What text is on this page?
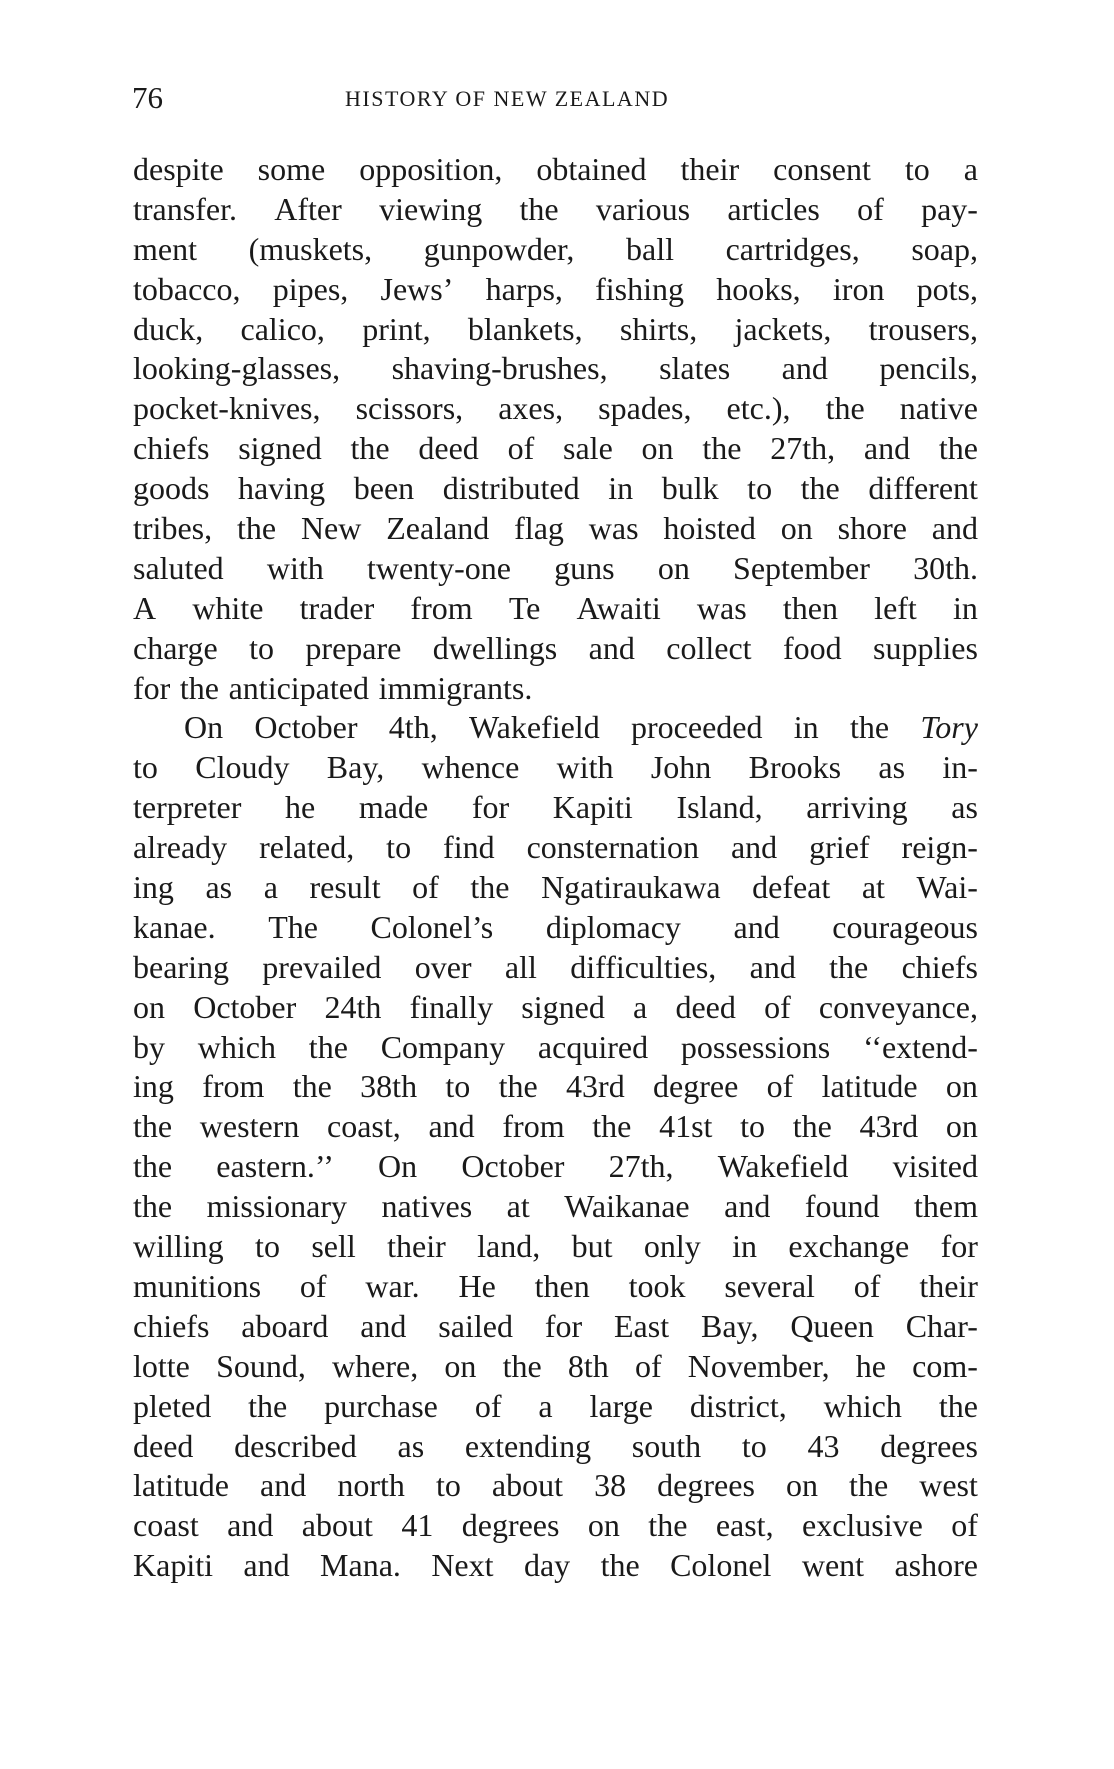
76	HISTORY OF NEW ZEALAND
despite some opposition, obtained their consent to a
transfer. After viewing the various articles of pay-
ment (muskets, gunpowder, ball cartridges, soap,
tobacco, pipes, Jews’ harps, fishing hooks, iron pots,
duck, calico, print, blankets, shirts, jackets, trousers,
looking-glasses, shaving-brushes, slates and pencils,
pocket-knives, scissors, axes, spades, etc.), the native
chiefs signed the deed of sale on the 27th, and the
goods having been distributed in bulk to the different
tribes, the New Zealand flag was hoisted on shore and
saluted with twenty-one guns on September 30th.
A white trader from Te Awaiti was then left in
charge to prepare dwellings and collect food supplies
for the anticipated immigrants.
On October 4th, Wakefield proceeded in the Tory
to Cloudy Bay, whence with John Brooks as in-
terpreter he made for Kapiti Island, arriving as
already related, to find consternation and grief reign-
ing as a result of the Ngatiraukawa defeat at Wai-
kanae. The Colonel’s diplomacy and courageous
bearing prevailed over all difficulties, and the chiefs
on October 24th finally signed a deed of conveyance,
by which the Company acquired possessions ‘‘extend-
ing from the 38th to the 43rd degree of latitude on
the western coast, and from the 41st to the 43rd on
the eastern.’’ On October 27th, Wakefield visited
the missionary natives at Waikanae and found them
willing to sell their land, but only in exchange for
munitions of war. He then took several of their
chiefs aboard and sailed for East Bay, Queen Char-
lotte Sound, where, on the 8th of November, he com-
pleted the purchase of a large district, which the
deed described as extending south to 43 degrees
latitude and north to about 38 degrees on the west
coast and about 41 degrees on the east, exclusive of
Kapiti and Mana. Next day the Colonel went ashore
